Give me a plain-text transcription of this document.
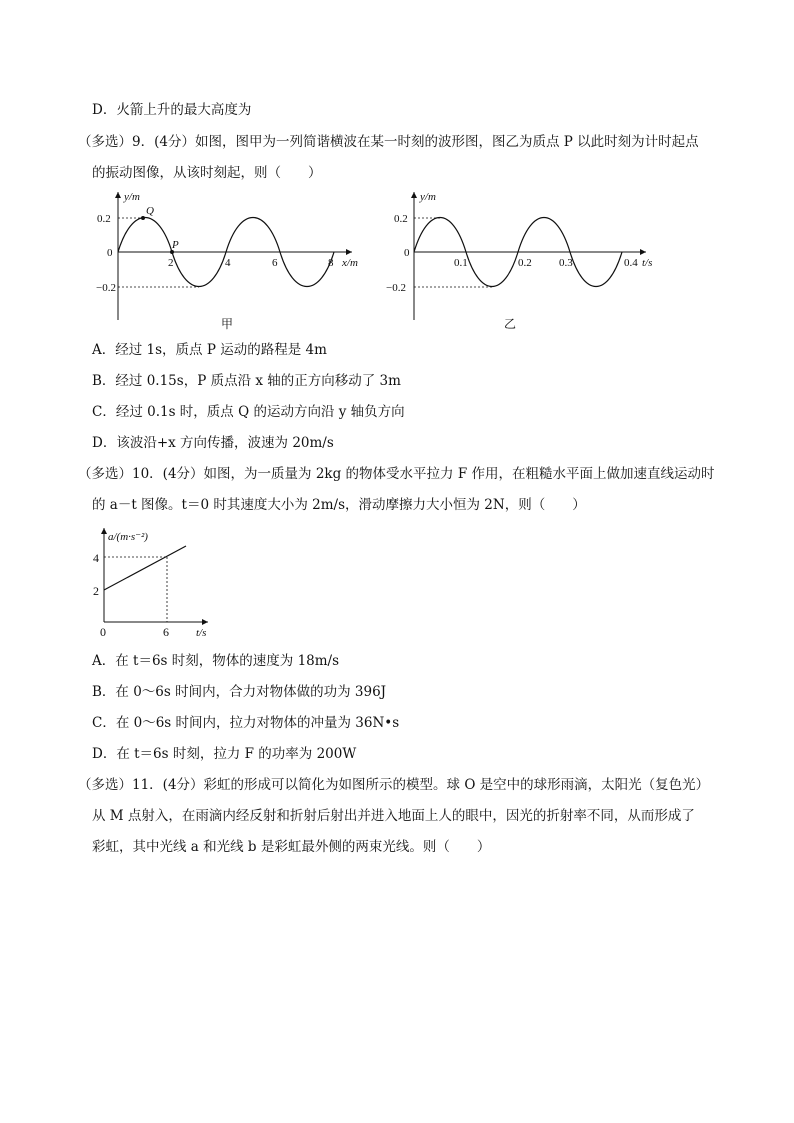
D．火箭上升的最大高度为
（多选）9．(4分）如图，图甲为一列简谐横波在某一时刻的波形图，图乙为质点 P 以此时刻为计时起点
的振动图像，从该时刻起，则（　　）
y/m
x/m
0.2
0
−0.2
2	4	6	8
Q
P
甲
y/m
t/s
0.2
0
−0.2
0.1	0.2 0.3	0.4
乙
A．经过 1s，质点 P 运动的路程是 4m
B．经过 0.15s，P 质点沿 x 轴的正方向移动了 3m
C．经过 0.1s 时，质点 Q 的运动方向沿 y 轴负方向
D．该波沿+x 方向传播，波速为 20m/s
（多选）10．(4分）如图，为一质量为 2kg 的物体受水平拉力 F 作用，在粗糙水平面上做加速直线运动时
的 a－t 图像。t＝0 时其速度大小为 2m/s，滑动摩擦力大小恒为 2N，则（　　）
a/(m·s⁻²)
t/s
4
2
0	6
A．在 t＝6s 时刻，物体的速度为 18m/s
B．在 0～6s 时间内，合力对物体做的功为 396J
C．在 0～6s 时间内，拉力对物体的冲量为 36N•s
D．在 t＝6s 时刻，拉力 F 的功率为 200W
（多选）11．(4分）彩虹的形成可以简化为如图所示的模型。球 O 是空中的球形雨滴，太阳光（复色光）
从 M 点射入，在雨滴内经反射和折射后射出并进入地面上人的眼中，因光的折射率不同，从而形成了
彩虹，其中光线 a 和光线 b 是彩虹最外侧的两束光线。则（　　）
